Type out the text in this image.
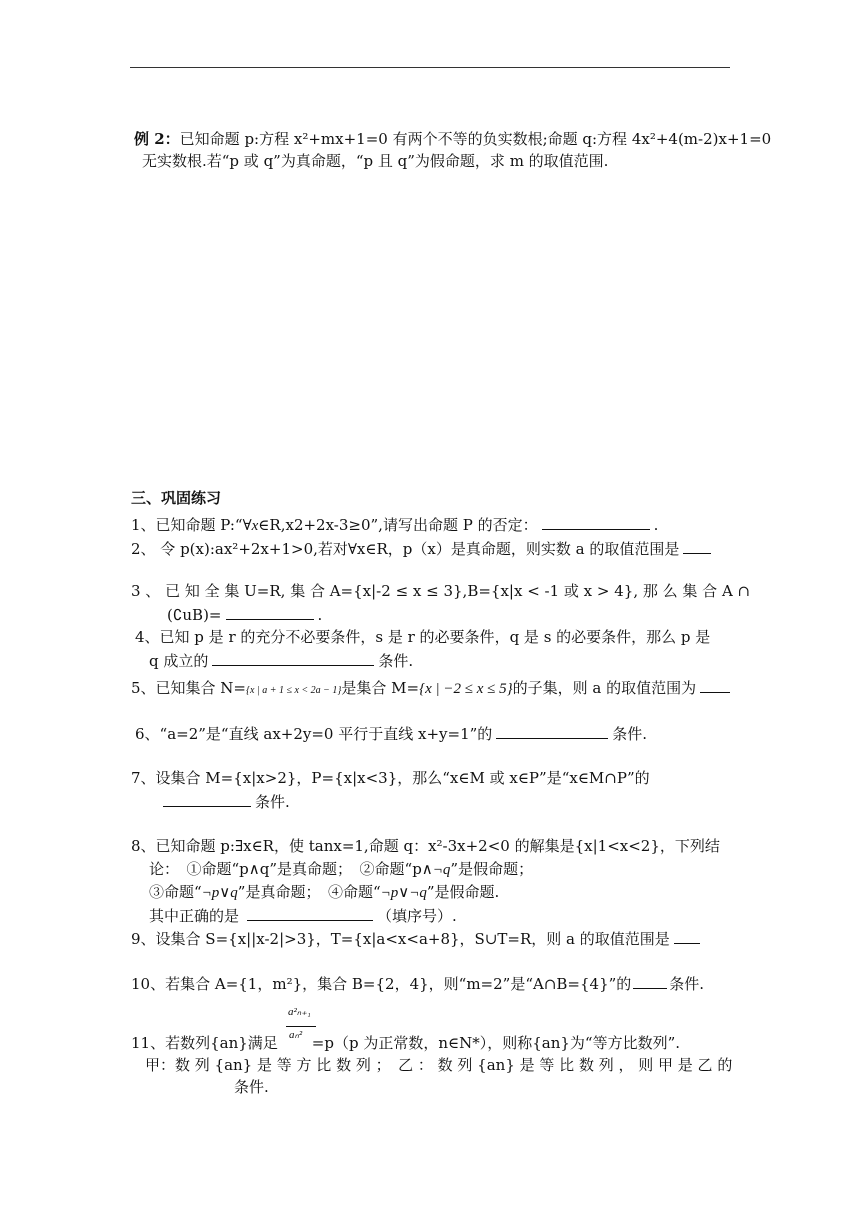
例 2：已知命题 p:方程 x²+mx+1=0 有两个不等的负实数根;命题 q:方程 4x²+4(m-2)x+1=0
无实数根.若“p 或 q”为真命题，“p 且 q”为假命题，求 m 的取值范围.
三、巩固练习
1、已知命题 P:“∀x∈R,x2+2x-3≥0”,请写出命题 P 的否定：	.
2、 令 p(x):ax²+2x+1>0,若对∀x∈R，p（x）是真命题，则实数 a 的取值范围是
3 、 已 知 全 集 U=R, 集 合 A={x|-2 ≤ x ≤ 3},B={x|x < -1 或 x > 4}, 那 么 集 合 A ∩
(∁uB)=	.
4、已知 p 是 r 的充分不必要条件，s 是 r 的必要条件，q 是 s 的必要条件，那么 p 是
q 成立的	条件.
5、已知集合 N={x | a + 1 ≤ x < 2a − 1}是集合 M={x | −2 ≤ x ≤ 5}的子集，则 a 的取值范围为
6、“a=2”是“直线 ax+2y=0 平行于直线 x+y=1”的	条件.
7、设集合 M={x|x>2}，P={x|x<3}，那么“x∈M 或 x∈P”是“x∈M∩P”的
条件.
8、已知命题 p:∃x∈R，使 tanx=1,命题 q：x²-3x+2<0 的解集是{x|1<x<2}，下列结
论：　①命题“p∧q”是真命题；　②命题“p∧¬q”是假命题；
③命题“¬p∨q”是真命题；　④命题“¬p∨¬q”是假命题.
其中正确的是	（填序号）.
9、设集合 S={x||x-2|>3}，T={x|a<x<a+8}，S∪T=R，则 a 的取值范围是
10、若集合 A={1，m²}，集合 B={2，4}，则“m=2”是“A∩B={4}”的	条件.
a²ₙ₊₁
aₙ²
11、若数列{an}满足 =p（p 为正常数，n∈N*），则称{an}为“等方比数列”.
甲：数 列 {an} 是 等 方 比 数 列 ；　乙 ： 数 列 {an} 是 等 比 数 列 ， 则 甲 是 乙 的
条件.
